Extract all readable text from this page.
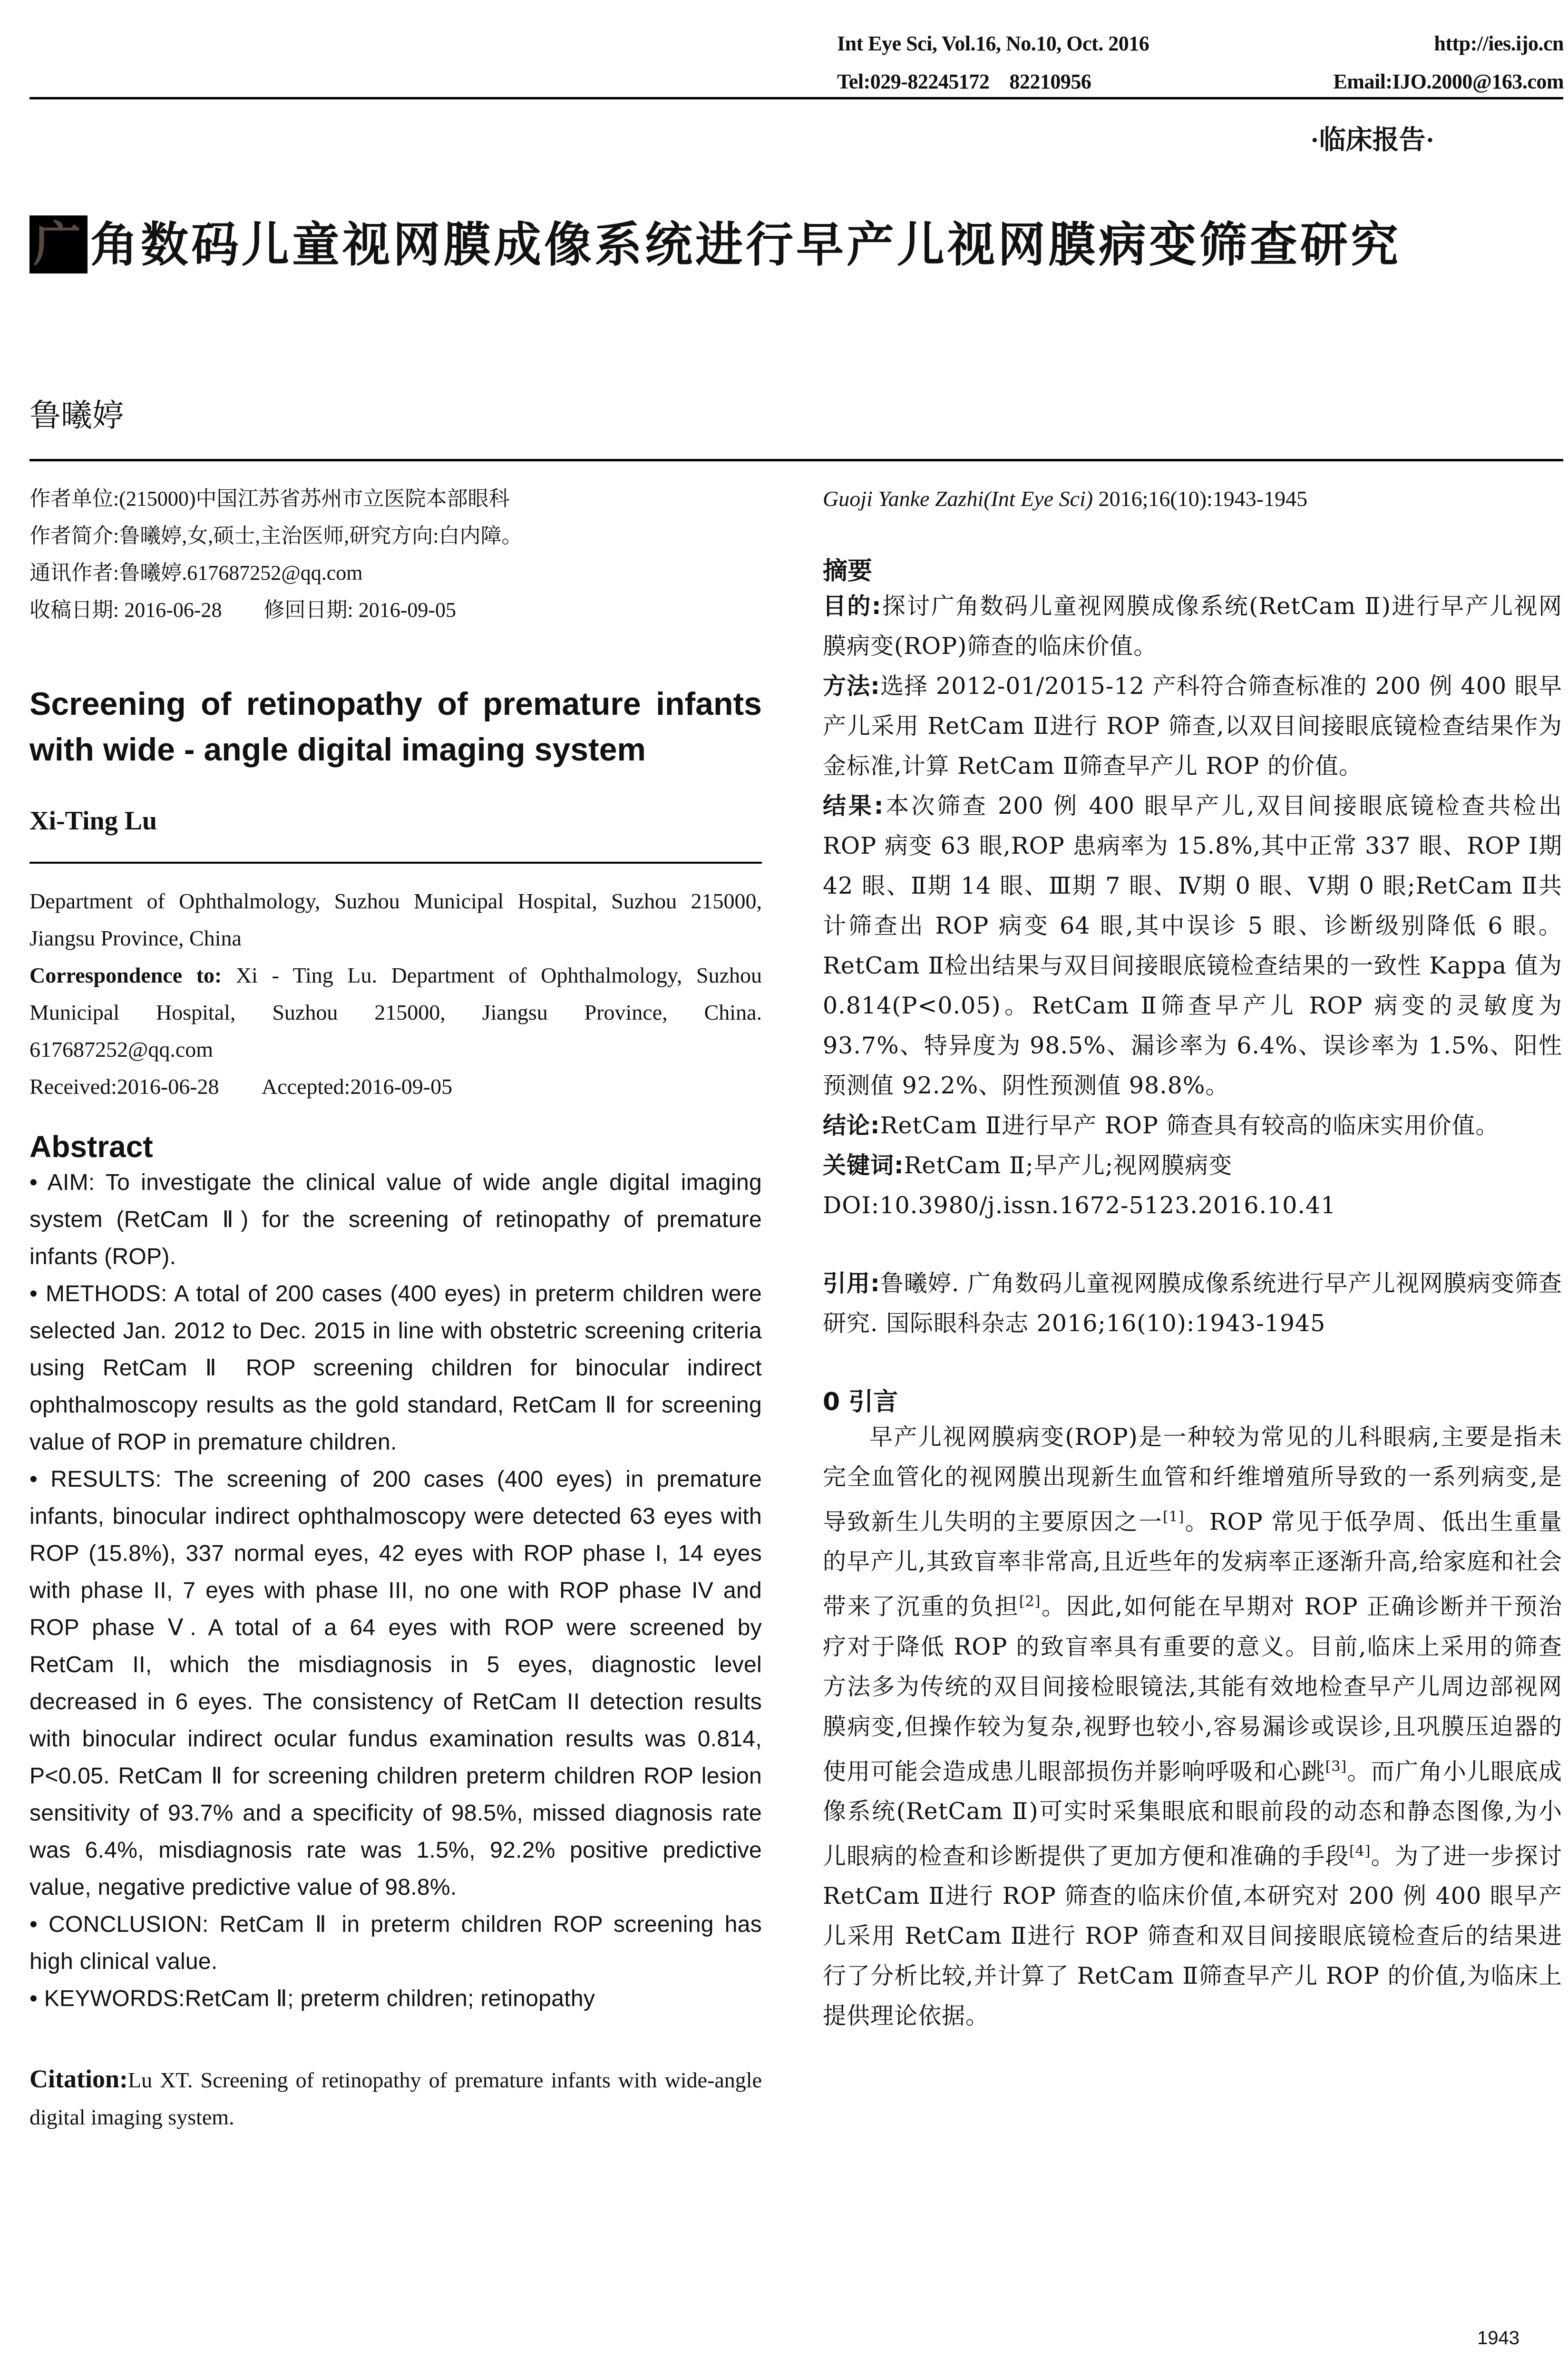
Int Eye Sci, Vol.16, No.10, Oct. 2016	http://ies.ijo.cn
Tel:029-82245172    82210956	Email:IJO.2000@163.com
·临床报告·
广 角数码儿童视网膜成像系统进行早产儿视网膜病变筛查研究
鲁曦婷
作者单位:(215000)中国江苏省苏州市立医院本部眼科
作者简介:鲁曦婷,女,硕士,主治医师,研究方向:白内障。
通讯作者:鲁曦婷.617687252@qq.com
收稿日期: 2016-06-28        修回日期: 2016-09-05
Screening of retinopathy of premature infants with wide - angle digital imaging system
Xi-Ting Lu
Department of Ophthalmology, Suzhou Municipal Hospital, Suzhou 215000, Jiangsu Province, China
Correspondence to: Xi - Ting Lu. Department of Ophthalmology, Suzhou Municipal Hospital, Suzhou 215000, Jiangsu Province, China. 617687252@qq.com
Received:2016-06-28        Accepted:2016-09-05
Abstract
• AIM: To investigate the clinical value of wide angle digital imaging system (RetCam Ⅱ) for the screening of retinopathy of premature infants (ROP).
• METHODS: A total of 200 cases (400 eyes) in preterm children were selected Jan. 2012 to Dec. 2015 in line with obstetric screening criteria using RetCam Ⅱ ROP screening children for binocular indirect ophthalmoscopy results as the gold standard, RetCam Ⅱ for screening value of ROP in premature children.
• RESULTS: The screening of 200 cases (400 eyes) in premature infants, binocular indirect ophthalmoscopy were detected 63 eyes with ROP (15.8%), 337 normal eyes, 42 eyes with ROP phase I, 14 eyes with phase II, 7 eyes with phase III, no one with ROP phase IV and ROP phase Ⅴ. A total of a 64 eyes with ROP were screened by RetCam II, which the misdiagnosis in 5 eyes, diagnostic level decreased in 6 eyes. The consistency of RetCam II detection results with binocular indirect ocular fundus examination results was 0.814, P<0.05. RetCam Ⅱ for screening children preterm children ROP lesion sensitivity of 93.7% and a specificity of 98.5%, missed diagnosis rate was 6.4%, misdiagnosis rate was 1.5%, 92.2% positive predictive value, negative predictive value of 98.8%.
• CONCLUSION: RetCam Ⅱ in preterm children ROP screening has high clinical value.
• KEYWORDS:RetCam Ⅱ; preterm children; retinopathy
Citation:Lu XT. Screening of retinopathy of premature infants with wide-angle digital imaging system.
Guoji Yanke Zazhi(Int Eye Sci) 2016;16(10):1943-1945
摘要
目的:探讨广角数码儿童视网膜成像系统(RetCam Ⅱ)进行早产儿视网膜病变(ROP)筛查的临床价值。
方法:选择 2012-01/2015-12 产科符合筛查标准的 200 例 400 眼早产儿采用 RetCam Ⅱ进行 ROP 筛查,以双目间接眼底镜检查结果作为金标准,计算 RetCam Ⅱ筛查早产儿 ROP 的价值。
结果:本次筛查 200 例 400 眼早产儿,双目间接眼底镜检查共检出 ROP 病变 63 眼,ROP 患病率为 15.8%,其中正常 337 眼、ROP Ⅰ期 42 眼、Ⅱ期 14 眼、Ⅲ期 7 眼、Ⅳ期 0 眼、Ⅴ期 0 眼;RetCam Ⅱ共计筛查出 ROP 病变 64 眼,其中误诊 5 眼、诊断级别降低 6 眼。RetCam Ⅱ检出结果与双目间接眼底镜检查结果的一致性 Kappa 值为 0.814(P<0.05)。RetCam Ⅱ筛查早产儿 ROP 病变的灵敏度为 93.7%、特异度为 98.5%、漏诊率为 6.4%、误诊率为 1.5%、阳性预测值 92.2%、阴性预测值 98.8%。
结论:RetCam Ⅱ进行早产 ROP 筛查具有较高的临床实用价值。
关键词:RetCam Ⅱ;早产儿;视网膜病变
DOI:10.3980/j.issn.1672-5123.2016.10.41
引用:鲁曦婷. 广角数码儿童视网膜成像系统进行早产儿视网膜病变筛查研究. 国际眼科杂志 2016;16(10):1943-1945
0 引言
早产儿视网膜病变(ROP)是一种较为常见的儿科眼病,主要是指未完全血管化的视网膜出现新生血管和纤维增殖所导致的一系列病变,是导致新生儿失明的主要原因之一[1]。ROP 常见于低孕周、低出生重量的早产儿,其致盲率非常高,且近些年的发病率正逐渐升高,给家庭和社会带来了沉重的负担[2]。因此,如何能在早期对 ROP 正确诊断并干预治疗对于降低 ROP 的致盲率具有重要的意义。目前,临床上采用的筛查方法多为传统的双目间接检眼镜法,其能有效地检查早产儿周边部视网膜病变,但操作较为复杂,视野也较小,容易漏诊或误诊,且巩膜压迫器的使用可能会造成患儿眼部损伤并影响呼吸和心跳[3]。而广角小儿眼底成像系统(RetCam Ⅱ)可实时采集眼底和眼前段的动态和静态图像,为小儿眼病的检查和诊断提供了更加方便和准确的手段[4]。为了进一步探讨 RetCam Ⅱ进行 ROP 筛查的临床价值,本研究对 200 例 400 眼早产儿采用 RetCam Ⅱ进行 ROP 筛查和双目间接眼底镜检查后的结果进行了分析比较,并计算了 RetCam Ⅱ筛查早产儿 ROP 的价值,为临床上提供理论依据。
1943
